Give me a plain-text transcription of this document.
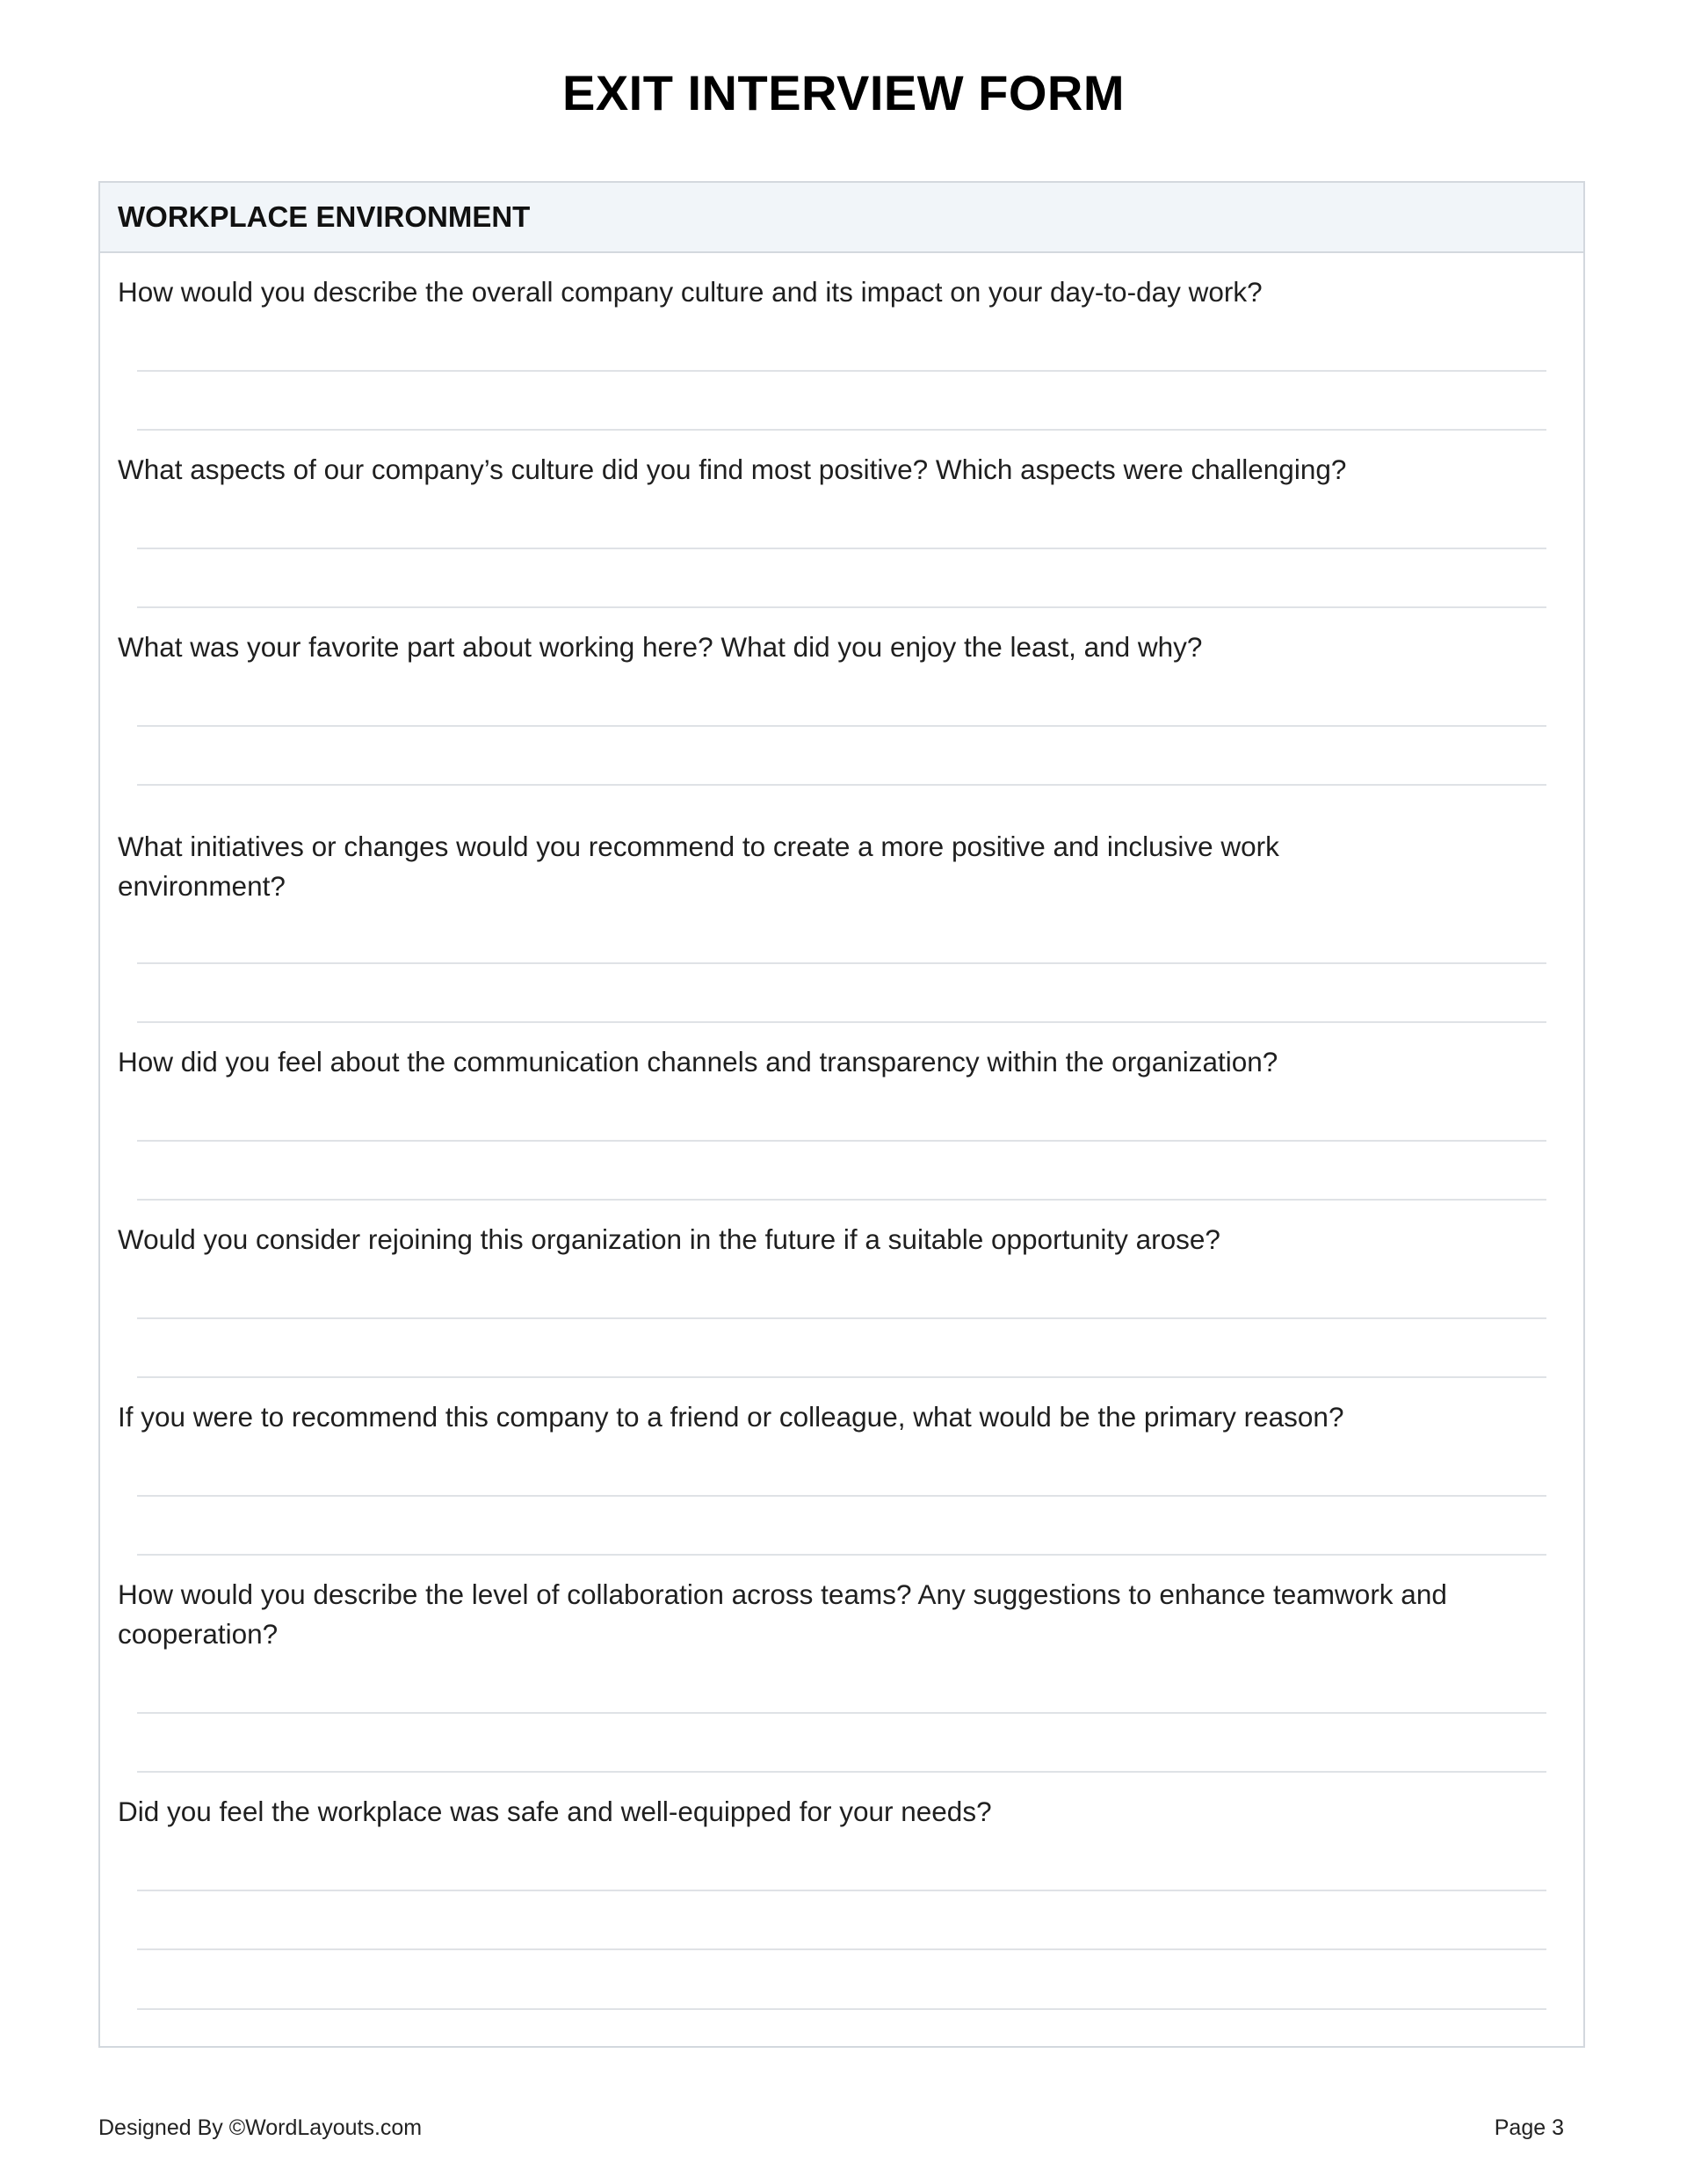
EXIT INTERVIEW FORM
WORKPLACE ENVIRONMENT
How would you describe the overall company culture and its impact on your day-to-day work?
What aspects of our company’s culture did you find most positive? Which aspects were challenging?
What was your favorite part about working here? What did you enjoy the least, and why?
What initiatives or changes would you recommend to create a more positive and inclusive work environment?
How did you feel about the communication channels and transparency within the organization?
Would you consider rejoining this organization in the future if a suitable opportunity arose?
If you were to recommend this company to a friend or colleague, what would be the primary reason?
How would you describe the level of collaboration across teams? Any suggestions to enhance teamwork and cooperation?
Did you feel the workplace was safe and well-equipped for your needs?
Designed By ©WordLayouts.com	Page 3
